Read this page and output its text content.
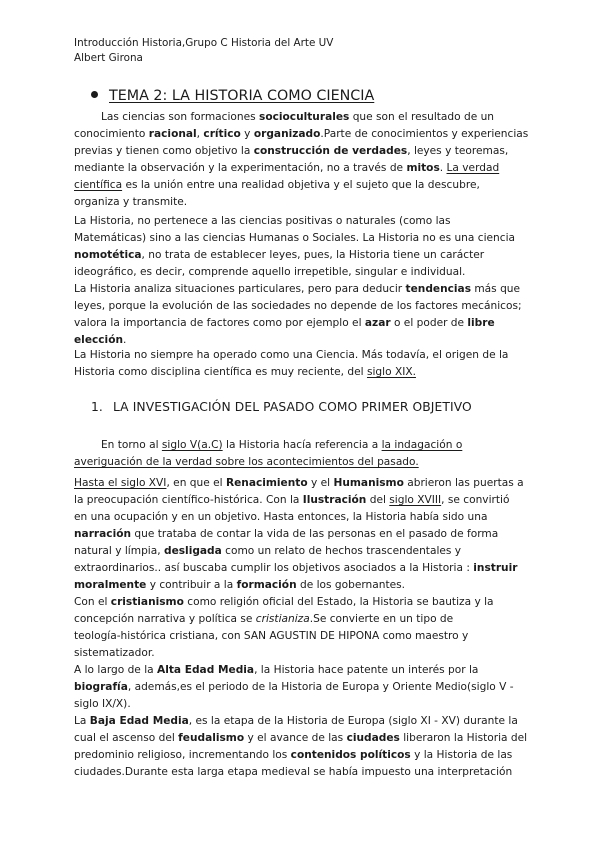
Introducción Historia,Grupo C Historia del Arte UV
Albert Girona
TEMA 2: LA HISTORIA COMO CIENCIA

Las ciencias son formaciones socioculturales que son el resultado de un

conocimiento racional, crítico y organizado.Parte de conocimientos y experiencias

previas y tienen como objetivo la construcción de verdades, leyes y teoremas,

mediante la observación y la experimentación, no a través de mitos. La verdad

científica es la unión entre una realidad objetiva y el sujeto que la descubre,

organiza y transmite.

La Historia, no pertenece a las ciencias positivas o naturales (como las

Matemáticas) sino a las ciencias Humanas o Sociales. La Historia no es una ciencia

nomotética, no trata de establecer leyes, pues, la Historia tiene un carácter

ideográfico, es decir, comprende aquello irrepetible, singular e individual.

La Historia analiza situaciones particulares, pero para deducir tendencias más que

leyes, porque la evolución de las sociedades no depende de los factores mecánicos;

valora la importancia de factores como por ejemplo el azar o el poder de libre

elección.

La Historia no siempre ha operado como una Ciencia. Más todavía, el origen de la

Historia como disciplina científica es muy reciente, del siglo XIX.

1. LA INVESTIGACIÓN DEL PASADO COMO PRIMER OBJETIVO

En torno al siglo V(a.C) la Historia hacía referencia a la indagación o

averiguación de la verdad sobre los acontecimientos del pasado.

Hasta el siglo XVI, en que el Renacimiento y el Humanismo abrieron las puertas a

la preocupación científico-histórica. Con la Ilustración del siglo XVIII, se convirtió

en una ocupación y en un objetivo. Hasta entonces, la Historia había sido una

narración que trataba de contar la vida de las personas en el pasado de forma

natural y límpia, desligada como un relato de hechos trascendentales y

extraordinarios.. así buscaba cumplir los objetivos asociados a la Historia : instruir

moralmente y contribuir a la formación de los gobernantes.

Con el cristianismo como religión oficial del Estado, la Historia se bautiza y la

concepción narrativa y política se cristianiza.Se convierte en un tipo de

teología-histórica cristiana, con SAN AGUSTIN DE HIPONA como maestro y

sistematizador.

A lo largo de la Alta Edad Media, la Historia hace patente un interés por la

biografía, además,es el periodo de la Historia de Europa y Oriente Medio(siglo V -

siglo IX/X).

La Baja Edad Media, es la etapa de la Historia de Europa (siglo XI - XV) durante la

cual el ascenso del feudalismo y el avance de las ciudades liberaron la Historia del

predominio religioso, incrementando los contenidos políticos y la Historia de las

ciudades.Durante esta larga etapa medieval se había impuesto una interpretación
